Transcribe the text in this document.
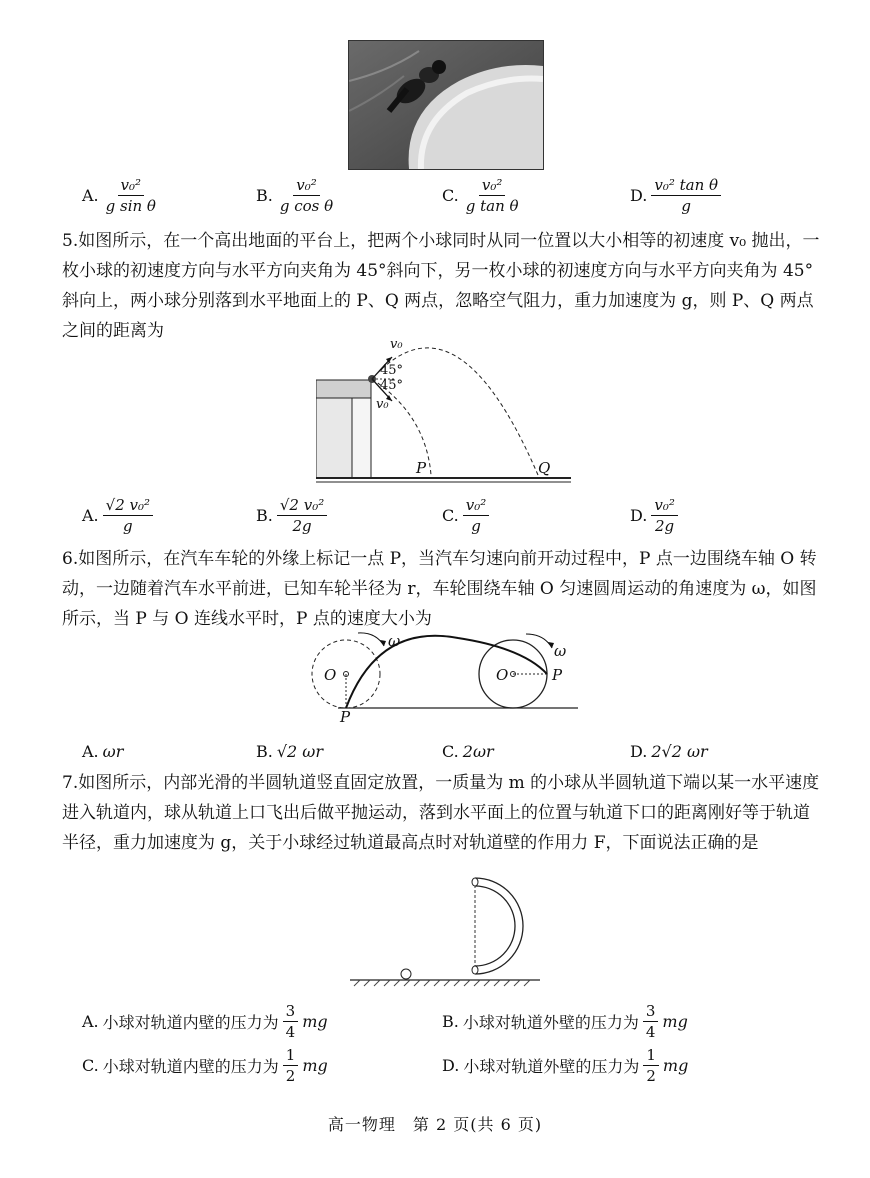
A. $\frac{\text{v₀²}}{\text{g sin θ}}$	B. $\frac{\text{v₀²}}{\text{g cos θ}}$	C. $\frac{\text{v₀²}}{\text{g tan θ}}$	D. $\frac{\text{v₀² tan θ}}{g}$

5.如图所示，在一个高出地面的平台上，把两个小球同时从同一位置以大小相等的初速度 v₀ 抛出，一枚小球的初速度方向与水平方向夹角为 45°斜向下，另一枚小球的初速度方向与水平方向夹角为 45°斜向上，两小球分别落到水平地面上的 P、Q 两点，忽略空气阻力，重力加速度为 g，则 P、Q 两点之间的距离为

v₀
45°
45°
v₀
P	Q
A. $\frac{\text{√2 v₀²}}{g}$	B. $\frac{\text{√2 v₀²}}{2g}$	C. $\frac{\text{v₀²}}{g}$	D. $\frac{\text{v₀²}}{2g}$

6.如图所示，在汽车车轮的外缘上标记一点 P，当汽车匀速向前开动过程中，P 点一边围绕车轴 O 转动，一边随着汽车水平前进，已知车轮半径为 r，车轮围绕车轴 O 匀速圆周运动的角速度为 ω，如图所示，当 P 与 O 连线水平时，P 点的速度大小为

O
ω
P
O
ω
P
A. ωr	B. √2 ωr	C. 2ωr	D. 2√2 ωr

7.如图所示，内部光滑的半圆轨道竖直固定放置，一质量为 m 的小球从半圆轨道下端以某一水平速度进入轨道内，球从轨道上口飞出后做平抛运动，落到水平面上的位置与轨道下口的距离刚好等于轨道半径，重力加速度为 g，关于小球经过轨道最高点时对轨道壁的作用力 F，下面说法正确的是

A. 小球对轨道内壁的压力为 $\frac{3}{4}$ mg	B. 小球对轨道外壁的压力为 $\frac{3}{4}$ mg
C. 小球对轨道内壁的压力为 $\frac{1}{2}$ mg	D. 小球对轨道外壁的压力为 $\frac{1}{2}$ mg
高一物理　第 2 页(共 6 页)
